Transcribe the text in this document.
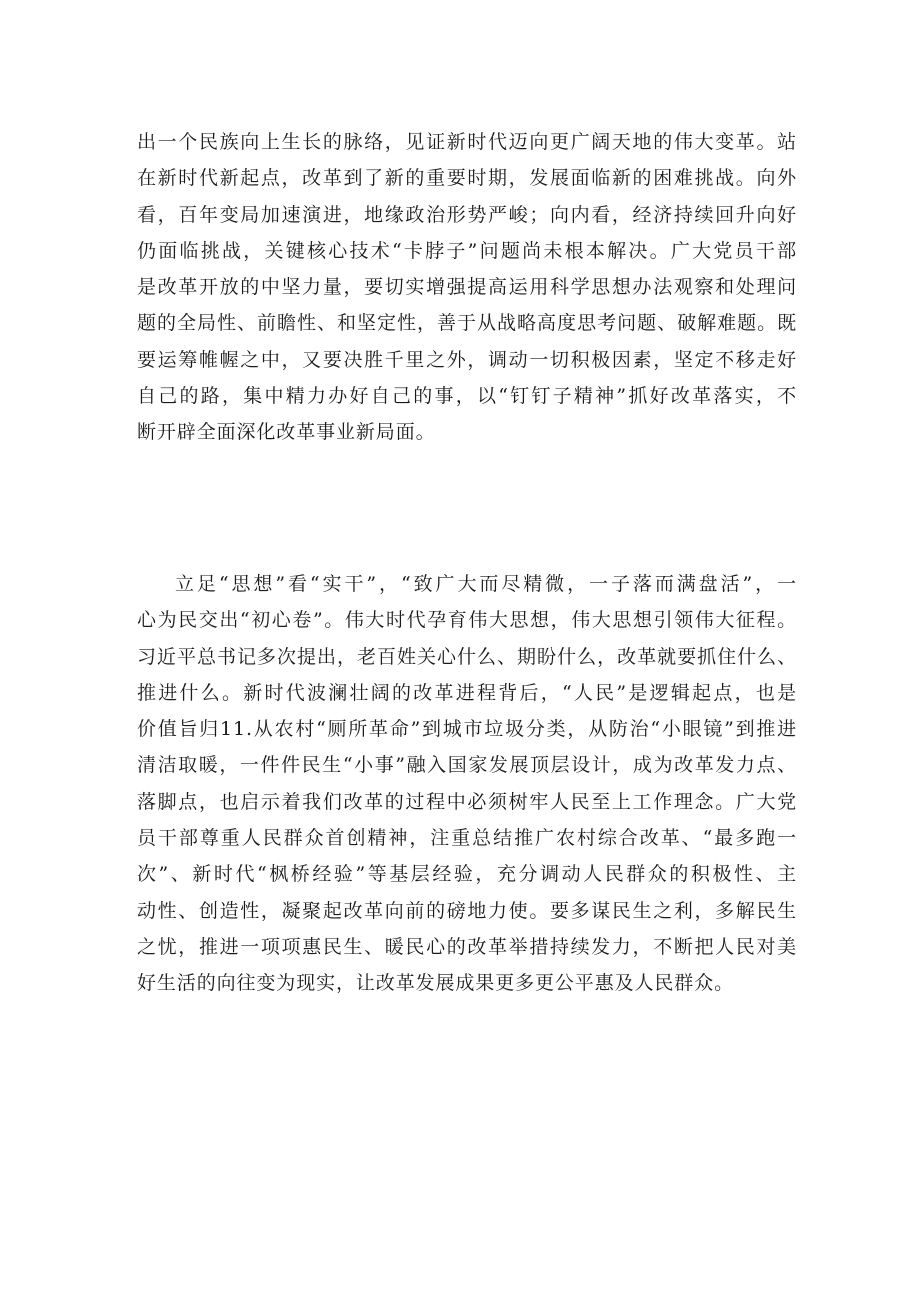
出一个民族向上生长的脉络，见证新时代迈向更广阔天地的伟大变革。站
在新时代新起点，改革到了新的重要时期，发展面临新的困难挑战。向外
看，百年变局加速演进，地缘政治形势严峻；向内看，经济持续回升向好
仍面临挑战，关键核心技术“卡脖子”问题尚未根本解决。广大党员干部
是改革开放的中坚力量，要切实增强提高运用科学思想办法观察和处理问
题的全局性、前瞻性、和坚定性，善于从战略高度思考问题、破解难题。既
要运筹帷幄之中，又要决胜千里之外，调动一切积极因素，坚定不移走好
自己的路，集中精力办好自己的事，以“钉钉子精神”抓好改革落实，不
断开辟全面深化改革事业新局面。

立足“思想”看“实干”，“致广大而尽精微，一子落而满盘活”，一
心为民交出“初心卷”。伟大时代孕育伟大思想，伟大思想引领伟大征程。
习近平总书记多次提出，老百姓关心什么、期盼什么，改革就要抓住什么、
推进什么。新时代波澜壮阔的改革进程背后，“人民”是逻辑起点，也是
价值旨归11.从农村“厕所革命”到城市垃圾分类，从防治“小眼镜”到推进
清洁取暖，一件件民生“小事”融入国家发展顶层设计，成为改革发力点、
落脚点，也启示着我们改革的过程中必须树牢人民至上工作理念。广大党
员干部尊重人民群众首创精神，注重总结推广农村综合改革、“最多跑一
次”、新时代“枫桥经验”等基层经验，充分调动人民群众的积极性、主
动性、创造性，凝聚起改革向前的磅地力使。要多谋民生之利，多解民生
之忧，推进一项项惠民生、暖民心的改革举措持续发力，不断把人民对美
好生活的向往变为现实，让改革发展成果更多更公平惠及人民群众。
